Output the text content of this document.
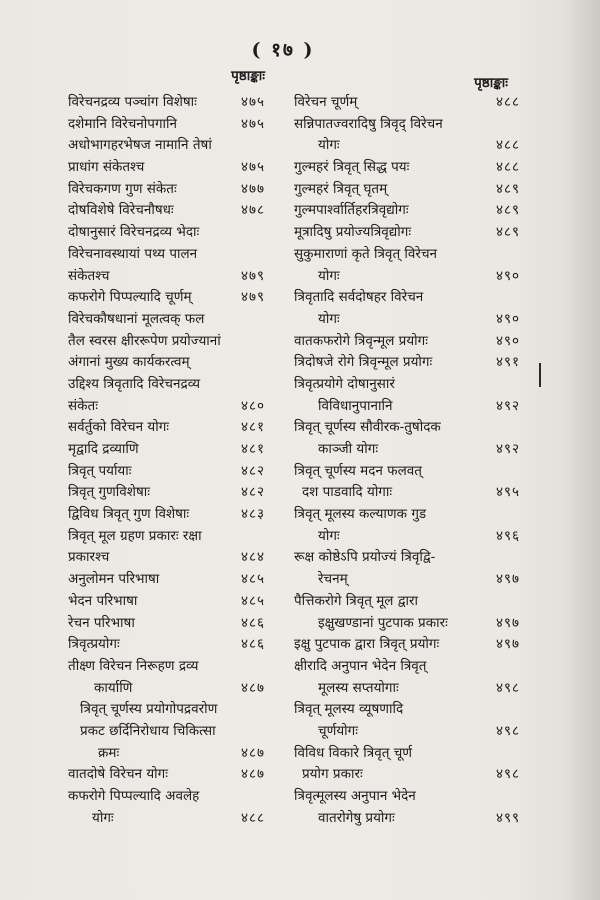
( १७ )
पृष्ठाङ्काः	पृष्ठाङ्काः
विरेचनद्रव्य पञ्चांग विशेषाः	४७५
दशेमानि विरेचनोपगानि	४७५
अधोभागहरभेषज नामानि तेषां
प्राधांग संकेतश्च	४७५
विरेचकगण गुण संकेतः	४७७
दोषविशेषे विरेचनौषधः	४७८
दोषानुसारं विरेचनद्रव्य भेदाः
विरेचनावस्थायां पथ्य पालन
संकेतश्च	४७९
कफरोगे पिप्पल्यादि चूर्णम्	४७९
विरेचकौषधानां मूलत्वक् फल
तैल स्वरस क्षीररूपेण प्रयोज्यानां
अंगानां मुख्य कार्यकरत्वम्
उद्दिश्य त्रिवृतादि विरेचनद्रव्य
संकेतः	४८०
सर्वर्तुको विरेचन योगः	४८१
मृद्वादि द्रव्याणि	४८१
त्रिवृत् पर्यायाः	४८२
त्रिवृत् गुणविशेषाः	४८२
द्विविध त्रिवृत् गुण विशेषाः	४८३
त्रिवृत् मूल ग्रहण प्रकारः रक्षा
प्रकारश्च	४८४
अनुलोमन परिभाषा	४८५
भेदन परिभाषा	४८५
रेचन परिभाषा	४८६
त्रिवृत्प्रयोगः	४८६
तीक्ष्ण विरेचन निरूहण द्रव्य
कार्याणि	४८७
त्रिवृत् चूर्णस्य प्रयोगोपद्रवरोण
प्रकट छर्दिनिरोधाय चिकित्सा
क्रमः	४८७
वातदोषे विरेचन योगः	४८७
कफरोगे पिप्पल्यादि अवलेह
योगः	४८८
विरेचन चूर्णम्	४८८
सन्निपातज्वरादिषु त्रिवृद् विरेचन
योगः	४८८
गुल्महरं त्रिवृत् सिद्ध पयः	४८८
गुल्महरं त्रिवृत् घृतम्	४८९
गुल्मपार्श्वार्तिहरत्रिवृद्योगः	४८९
मूत्रादिषु प्रयोज्यत्रिवृद्योगः	४८९
सुकुमाराणां कृते त्रिवृत् विरेचन
योगः	४९०
त्रिवृतादि सर्वदोषहर विरेचन
योगः	४९०
वातकफरोगे त्रिवृन्मूल प्रयोगः	४९०
त्रिदोषजे रोगे त्रिवृन्मूल प्रयोगः	४९१
त्रिवृत्प्रयोगे दोषानुसारं
विविधानुपानानि	४९२
त्रिवृत् चूर्णस्य सौवीरक-तुषोदक
काञ्जी योगः	४९२
त्रिवृत् चूर्णस्य मदन फलवत्
दश पाडवादि योगाः	४९५
त्रिवृत् मूलस्य कल्याणक गुड
योगः	४९६
रूक्ष कोष्ठेऽपि प्रयोज्यं त्रिवृद्वि-
रेचनम्	४९७
पैत्तिकरोगे त्रिवृत् मूल द्वारा
इक्षुखण्डानां पुटपाक प्रकारः	४९७
इक्षु पुटपाक द्वारा त्रिवृत् प्रयोगः	४९७
क्षीरादि अनुपान भेदेन त्रिवृत्
मूलस्य सप्तयोगाः	४९८
त्रिवृत् मूलस्य व्यूषणादि
चूर्णयोगः	४९८
विविध विकारे त्रिवृत् चूर्ण
प्रयोग प्रकारः	४९८
त्रिवृत्मूलस्य अनुपान भेदेन
वातरोगेषु प्रयोगः	४९९
